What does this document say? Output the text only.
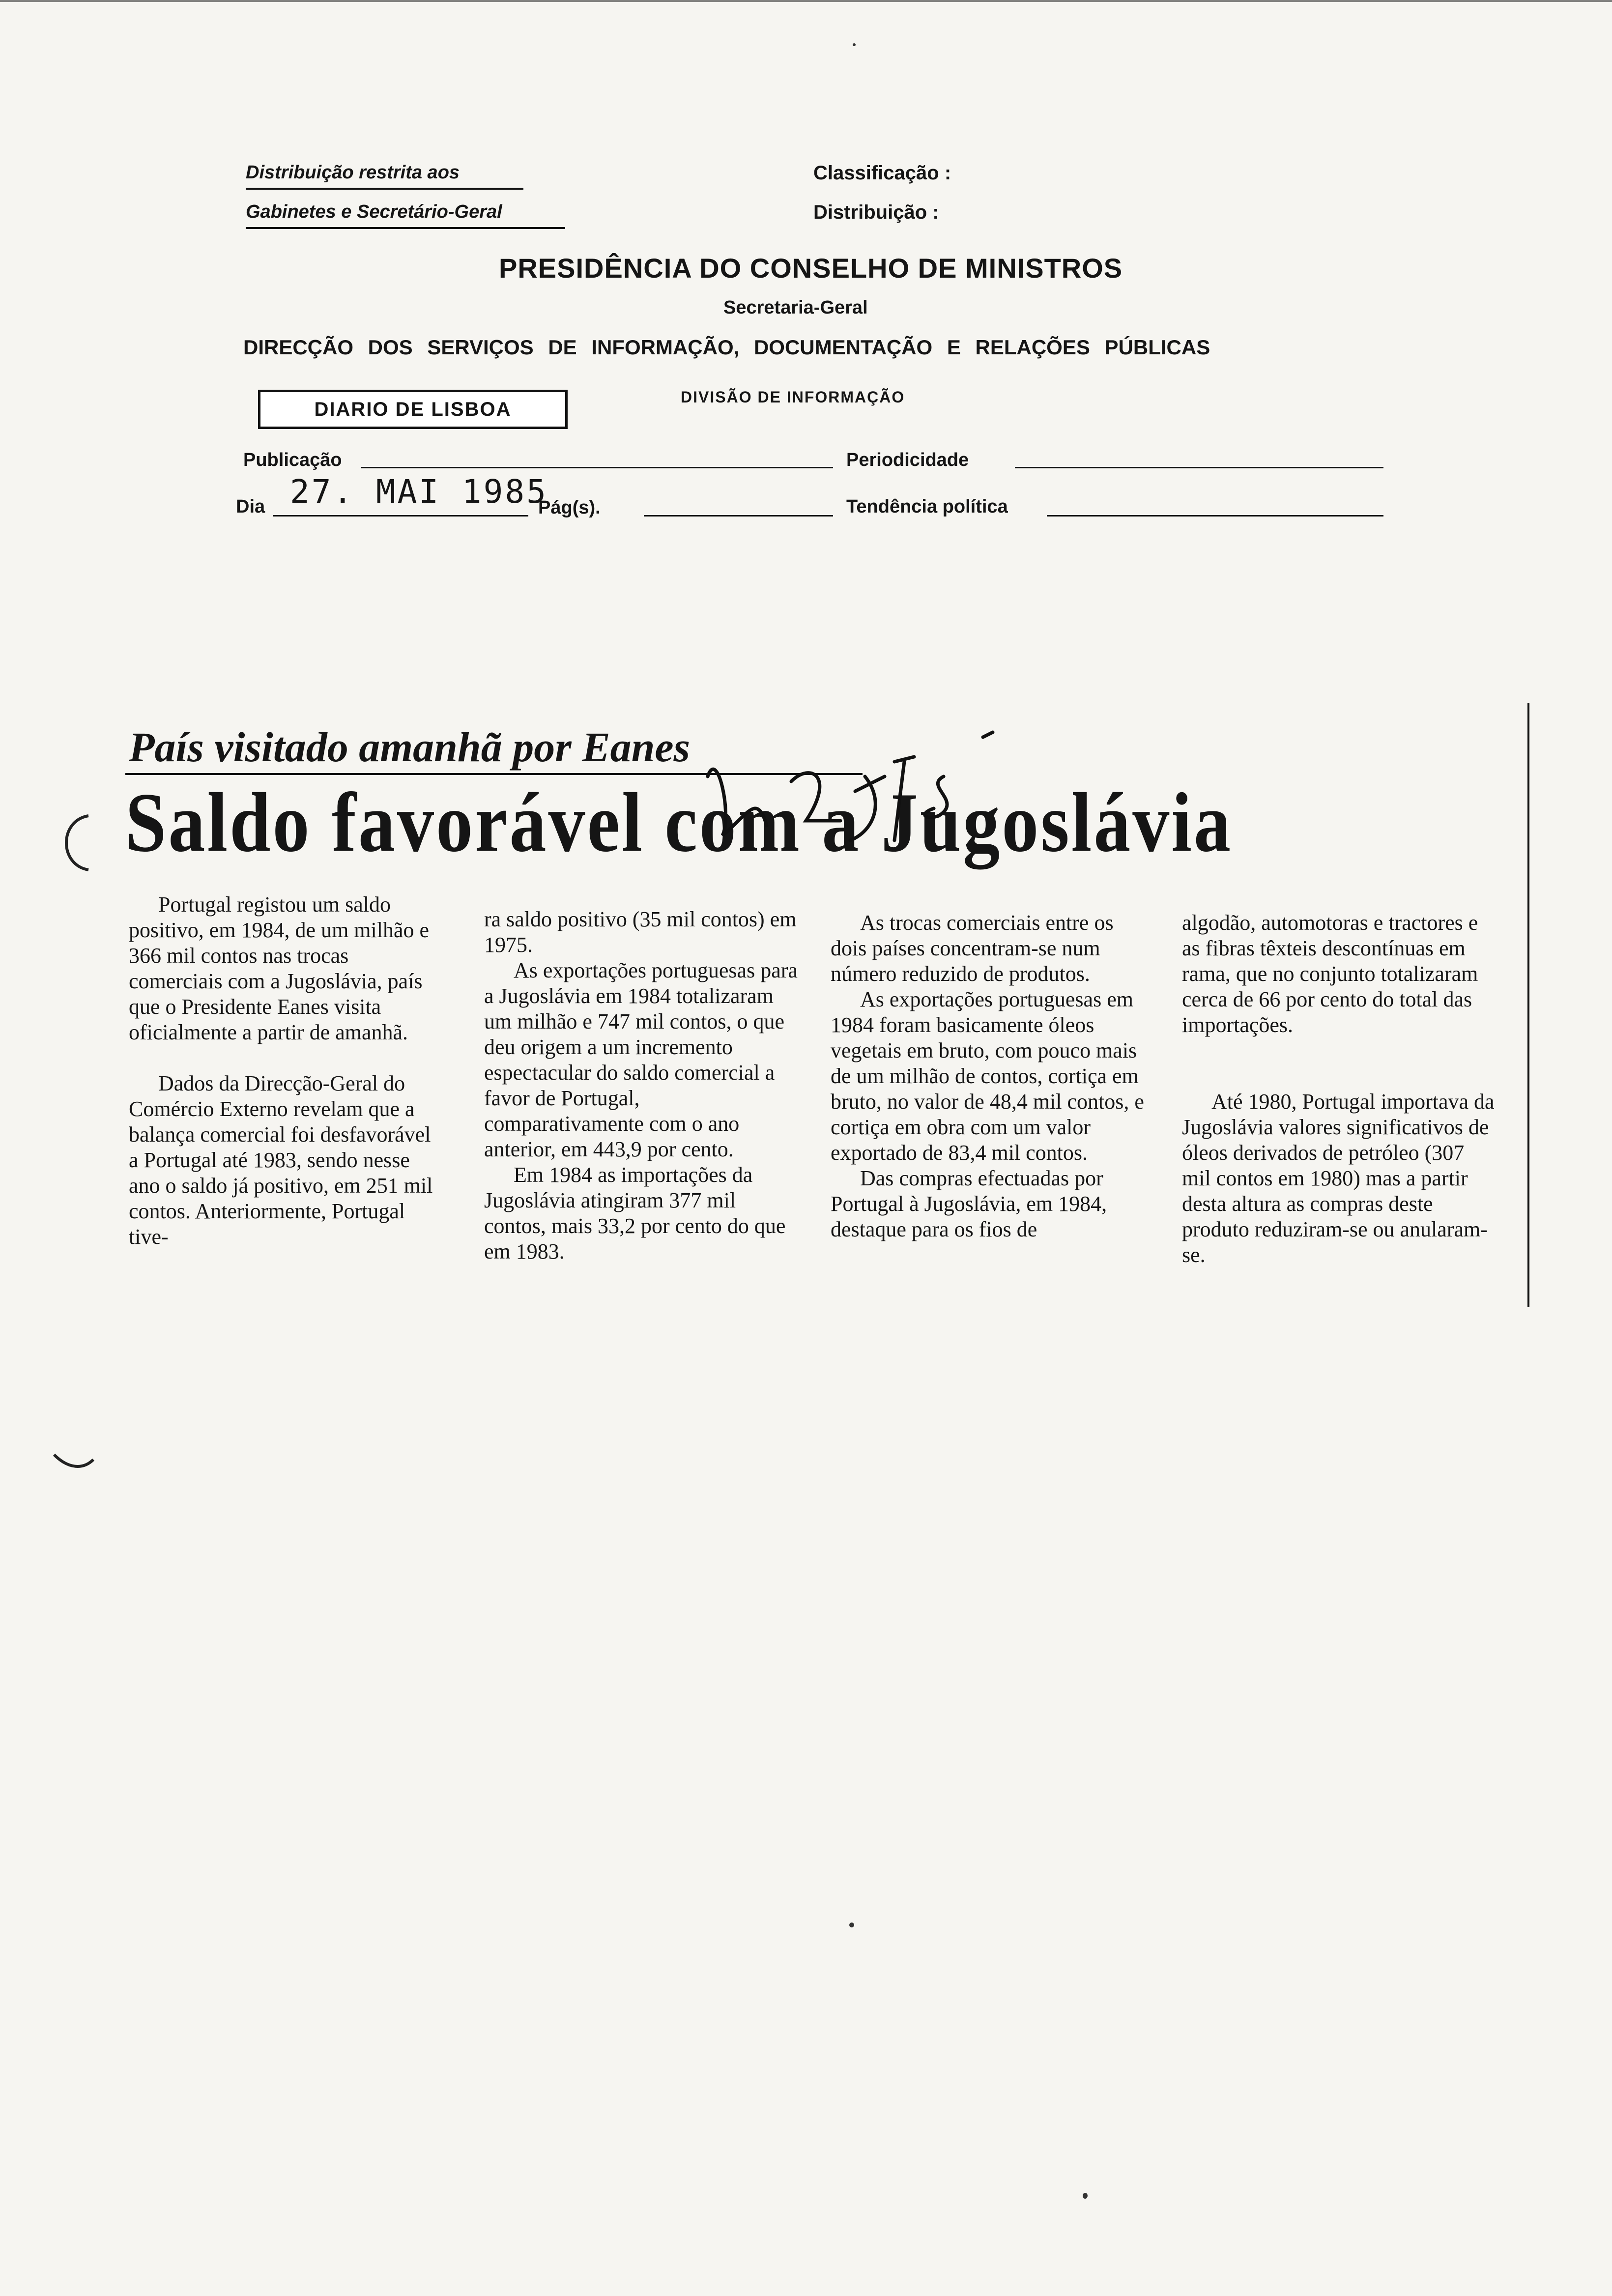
Distribuição restrita aos
Gabinetes e Secretário-Geral
Classificação :
Distribuição :
PRESIDÊNCIA DO CONSELHO DE MINISTROS
Secretaria-Geral
DIRECÇÃO DOS SERVIÇOS DE INFORMAÇÃO, DOCUMENTAÇÃO E RELAÇÕES PÚBLICAS
DIVISÃO DE INFORMAÇÃO
DIARIO DE LISBOA
Publicação	Periodicidade
Dia 27. MAI 1985
Pág(s).	Tendência política
País visitado amanhã por Eanes
Saldo favorável com a Jugoslávia

Portugal registou um saldo positivo, em 1984, de um milhão e 366 mil contos nas trocas comerciais com a Jugoslávia, país que o Presidente Eanes visita oficialmente a partir de amanhã.

Dados da Direcção-Geral do Comércio Externo revelam que a balança comercial foi desfavorável a Portugal até 1983, sendo nesse ano o saldo já positivo, em 251 mil contos. Anteriormente, Portugal tive-

ra saldo positivo (35 mil contos) em 1975.

As exportações portuguesas para a Jugoslávia em 1984 totalizaram um milhão e 747 mil contos, o que deu origem a um incremento espectacular do saldo comercial a favor de Portugal, comparativamente com o ano anterior, em 443,9 por cento.

Em 1984 as importações da Jugoslávia atingiram 377 mil contos, mais 33,2 por cento do que em 1983.

As trocas comerciais entre os dois países concentram-se num número reduzido de produtos.

As exportações portuguesas em 1984 foram basicamente óleos vegetais em bruto, com pouco mais de um milhão de contos, cortiça em bruto, no valor de 48,4 mil contos, e cortiça em obra com um valor exportado de 83,4 mil contos.

Das compras efectuadas por Portugal à Jugoslávia, em 1984, destaque para os fios de

algodão, automotoras e tractores e as fibras têxteis descontínuas em rama, que no conjunto totalizaram cerca de 66 por cento do total das importações.

Até 1980, Portugal importava da Jugoslávia valores significativos de óleos derivados de petróleo (307 mil contos em 1980) mas a partir desta altura as compras deste produto reduziram-se ou anularam-se.
